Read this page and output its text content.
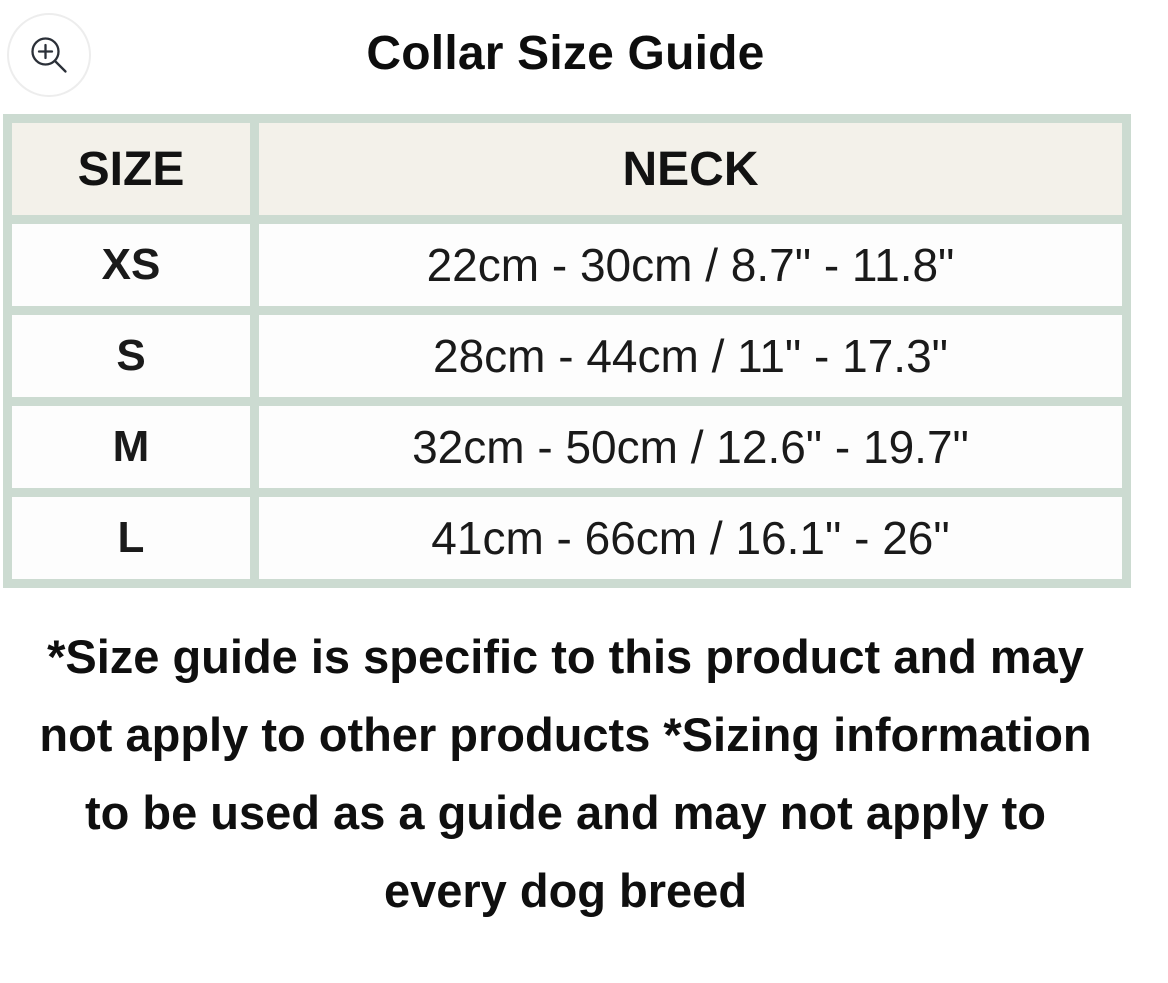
Collar Size Guide
SIZE	NECK
XS	22cm - 30cm / 8.7" - 11.8"
S	28cm - 44cm / 11" - 17.3"
M	32cm - 50cm / 12.6" - 19.7"
L	41cm - 66cm / 16.1" - 26"
*Size guide is specific to this product and may
not apply to other products *Sizing information
to be used as a guide and may not apply to
every dog breed
